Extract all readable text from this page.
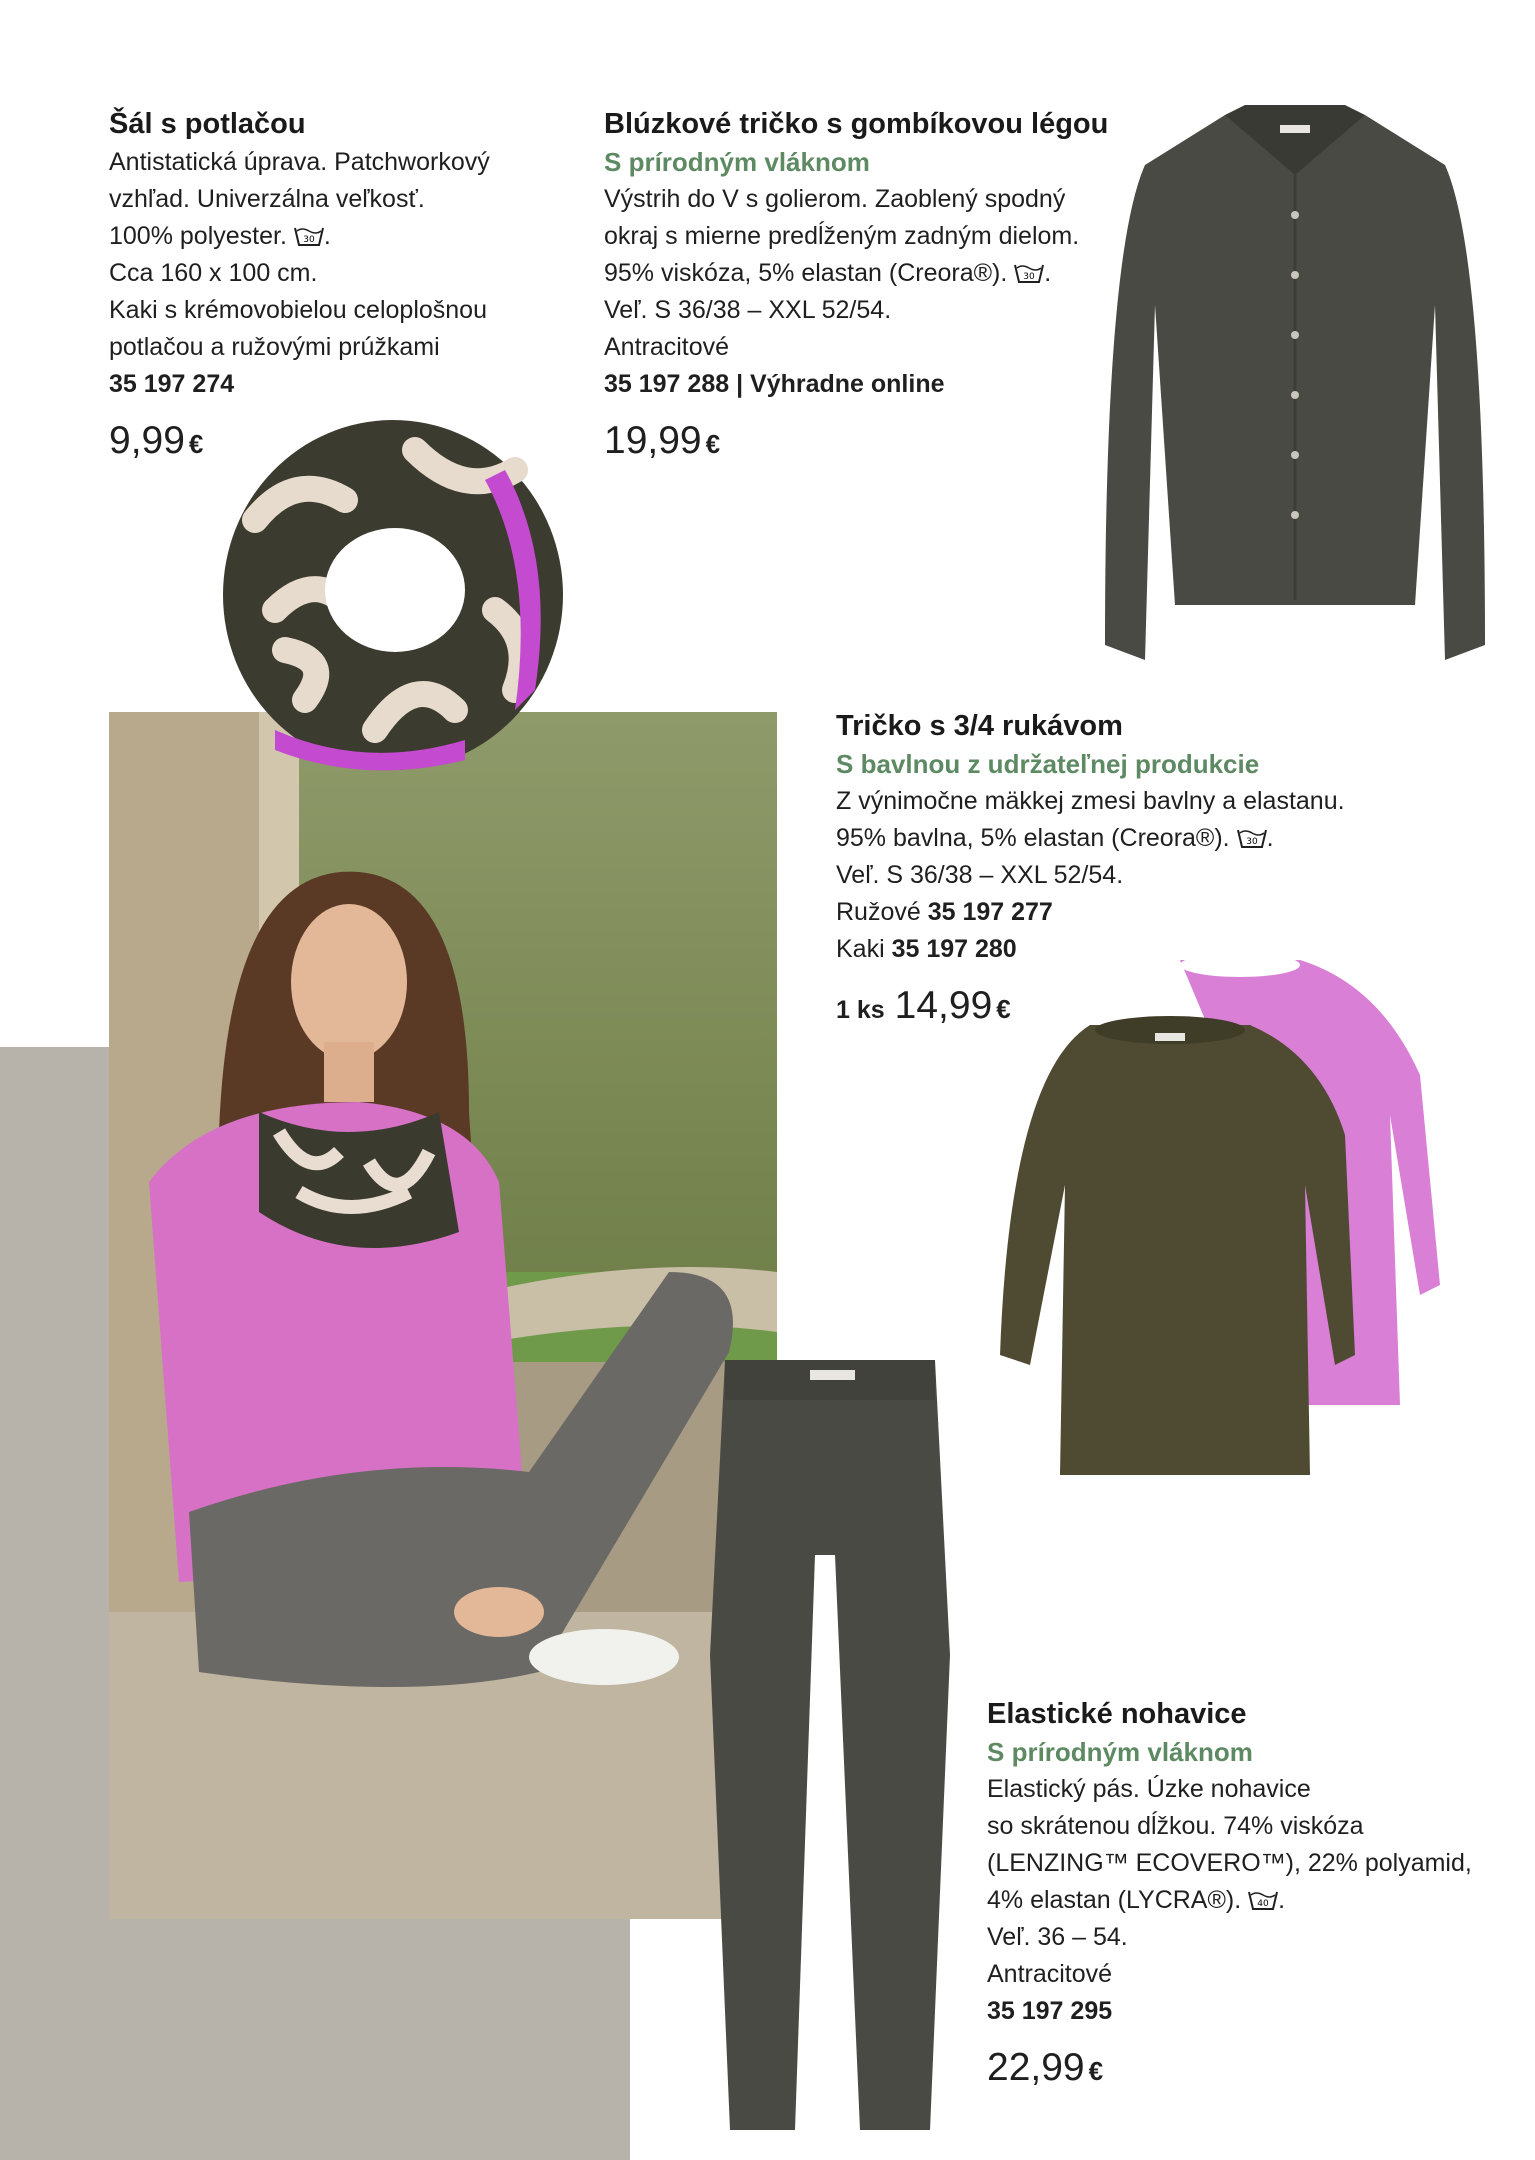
Šál s potlačou
Antistatická úprava. Patchworkový
vzhľad. Univerzálna veľkosť.
100% polyester. 30 .
Cca 160 x 100 cm.
Kaki s krémovobielou celoplošnou
potlačou a ružovými prúžkami
35 197 274
9,99 €
Blúzkové tričko s gombíkovou légou
S prírodným vláknom
Výstrih do V s golierom. Zaoblený spodný
okraj s mierne predĺženým zadným dielom.
95% viskóza, 5% elastan (Creora®). 30 .
Veľ. S 36/38 – XXL 52/54.
Antracitové
35 197 288 | Výhradne online
19,99 €
Tričko s 3/4 rukávom
S bavlnou z udržateľnej produkcie
Z výnimočne mäkkej zmesi bavlny a elastanu.
95% bavlna, 5% elastan (Creora®). 30 .
Veľ. S 36/38 – XXL 52/54.
Ružové 35 197 277
Kaki 35 197 280
1 ks 14,99 €
Elastické nohavice
S prírodným vláknom
Elastický pás. Úzke nohavice
so skrátenou dĺžkou. 74% viskóza
(LENZING™ ECOVERO™), 22% polyamid,
4% elastan (LYCRA®). 40 .
Veľ. 36 – 54.
Antracitové
35 197 295
22,99 €
